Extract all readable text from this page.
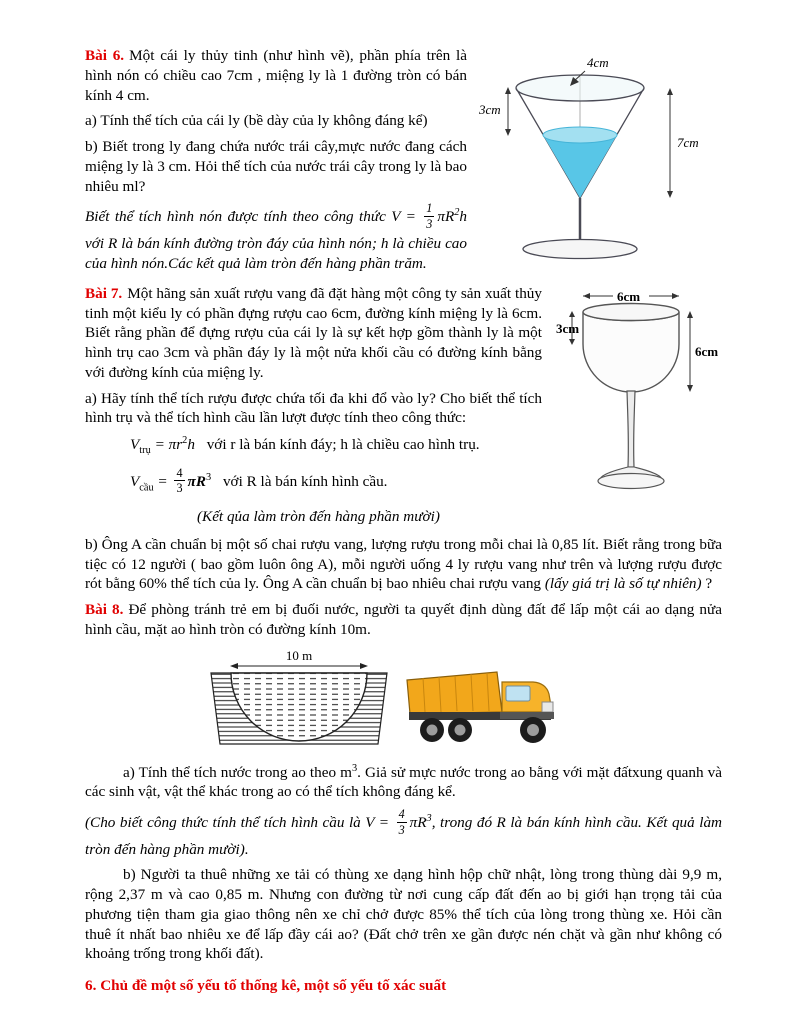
4cm
3cm
7cm

Bài 6. Một cái ly thủy tinh (như hình vẽ), phần phía trên là hình nón có chiều cao 7cm , miệng ly là 1 đường tròn có bán kính 4 cm.

a) Tính thể tích của cái ly (bề dày của ly không đáng kể)

b) Biết trong ly đang chứa nước trái cây,mực nước đang cách miệng ly là 3 cm. Hỏi thể tích của nước trái cây trong ly là bao nhiêu ml?

Biết thể tích hình nón được tính theo công thức $V = \frac{1}{3} \pi R^2h$ với R là bán kính đường tròn đáy của hình nón; h là chiều cao của hình nón.Các kết quả làm tròn đến hàng phần trăm.

6cm
3cm
6cm

Bài 7. Một hãng sản xuất rượu vang đã đặt hàng một công ty sản xuất thủy tinh một kiểu ly có phần đựng rượu cao 6cm, đường kính miệng ly là 6cm. Biết rằng phần để đựng rượu của cái ly là sự kết hợp gồm thành ly là một hình trụ cao 3cm và phần đáy ly là một nửa khối cầu có đường kính bằng với đường kính của miệng ly.

a) Hãy tính thể tích rượu được chứa tối đa khi đổ vào ly? Cho biết thể tích hình trụ và thể tích hình cầu lần lượt được tính theo công thức:

$V_{trụ} = \pi r^2h$ với r là bán kính đáy; h là chiều cao hình trụ.

$V_{cầu} = \frac{4}{3} \pi R^3$ với R là bán kính hình cầu.

(Kết qủa làm tròn đến hàng phần mười)

b) Ông A cần chuẩn bị một số chai rượu vang, lượng rượu trong mỗi chai là 0,85 lít. Biết rằng trong bữa tiệc có 12 người ( bao gồm luôn ông A), mỗi người uống 4 ly rượu vang như trên và lượng rượu được rót bằng 60% thể tích của ly. Ông A cần chuẩn bị bao nhiêu chai rượu vang (lấy giá trị là số tự nhiên) ?

Bài 8. Để phòng tránh trẻ em bị đuối nước, người ta quyết định dùng đất để lấp một cái ao dạng nửa hình cầu, mặt ao hình tròn có đường kính 10m.

10 m

a) Tính thể tích nước trong ao theo $m^3$. Giả sử mực nước trong ao bằng với mặt đấtxung quanh và các sinh vật, vật thể khác trong ao có thể tích không đáng kể.

(Cho biết công thức tính thể tích hình cầu là $V = \frac{4}{3} \pi R^3$, trong đó R là bán kính hình cầu. Kết quả làm tròn đến hàng phần mười).

b) Người ta thuê những xe tải có thùng xe dạng hình hộp chữ nhật, lòng trong thùng dài 9,9 m, rộng 2,37 m và cao 0,85 m. Nhưng con đường từ nơi cung cấp đất đến ao bị giới hạn trọng tải của phương tiện tham gia giao thông nên xe chỉ chở được 85% thể tích của lòng trong thùng xe. Hỏi cần thuê ít nhất bao nhiêu xe để lấp đầy cái ao? (Đất chở trên xe gần được nén chặt và gần như không có khoảng trống trong khối đất).

6. Chủ đề một số yếu tố thống kê, một số yếu tố xác suất
